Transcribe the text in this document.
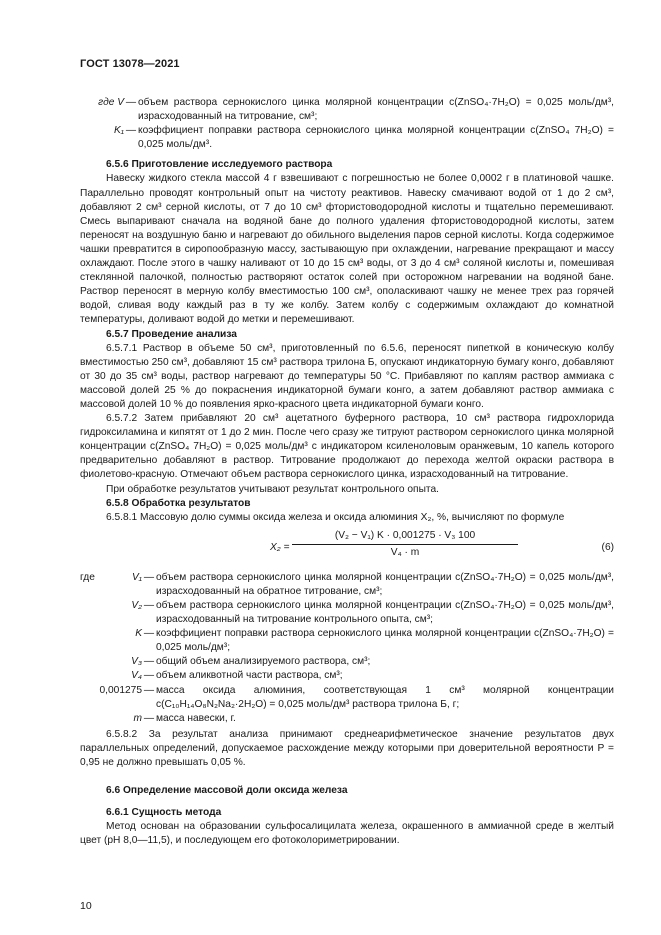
ГОСТ 13078—2021
где V — объем раствора сернокислого цинка молярной концентрации c(ZnSO₄·7H₂O) = 0,025 моль/дм³, израсходованный на титрование, см³;
K₁ — коэффициент поправки раствора сернокислого цинка молярной концентрации c(ZnSO₄ 7H₂O) = 0,025 моль/дм³.
6.5.6 Приготовление исследуемого раствора

Навеску жидкого стекла массой 4 г взвешивают с погрешностью не более 0,0002 г в платиновой чашке. Параллельно проводят контрольный опыт на чистоту реактивов. Навеску смачивают водой от 1 до 2 см³, добавляют 2 см³ серной кислоты, от 7 до 10 см³ фтористоводородной кислоты и тщательно перемешивают. Смесь выпаривают сначала на водяной бане до полного удаления фтористоводородной кислоты, затем переносят на воздушную баню и нагревают до обильного выделения паров серной кислоты. Когда содержимое чашки превратится в сиропообразную массу, застывающую при охлаждении, нагревание прекращают и массу охлаждают. После этого в чашку наливают от 10 до 15 см³ воды, от 3 до 4 см³ соляной кислоты и, помешивая стеклянной палочкой, полностью растворяют остаток солей при осторожном нагревании на водяной бане. Раствор переносят в мерную колбу вместимостью 100 см³, ополаскивают чашку не менее трех раз горячей водой, сливая воду каждый раз в ту же колбу. Затем колбу с содержимым охлаждают до комнатной температуры, доливают водой до метки и перемешивают.

6.5.7 Проведение анализа

6.5.7.1 Раствор в объеме 50 см³, приготовленный по 6.5.6, переносят пипеткой в коническую колбу вместимостью 250 см³, добавляют 15 см³ раствора трилона Б, опускают индикаторную бумагу конго, добавляют от 30 до 35 см³ воды, раствор нагревают до температуры 50 °С. Прибавляют по каплям раствор аммиака с массовой долей 25 % до покраснения индикаторной бумаги конго, а затем добавляют раствор аммиака с массовой долей 10 % до появления ярко-красного цвета индикаторной бумаги конго.

6.5.7.2 Затем прибавляют 20 см³ ацетатного буферного раствора, 10 см³ раствора гидрохлорида гидроксиламина и кипятят от 1 до 2 мин. После чего сразу же титруют раствором сернокислого цинка молярной концентрации c(ZnSO₄ 7H₂O) = 0,025 моль/дм³ с индикатором ксиленоловым оранжевым, 10 капель которого предварительно добавляют в раствор. Титрование продолжают до перехода желтой окраски раствора в фиолетово-красную. Отмечают объем раствора сернокислого цинка, израсходованный на титрование.

При обработке результатов учитывают результат контрольного опыта.

6.5.8 Обработка результатов

6.5.8.1 Массовую долю суммы оксида железа и оксида алюминия X₂, %, вычисляют по формуле

$X_2 = \frac{\text{(V₂ − V₁) K · 0,001275 · V₃ 100}}{\text{V₄ · m}}$	(6)
где	V₁ — объем раствора сернокислого цинка молярной концентрации c(ZnSO₄·7H₂O) = 0,025 моль/дм³, израсходованный на обратное титрование, см³;
V₂ — объем раствора сернокислого цинка молярной концентрации c(ZnSO₄·7H₂O) = 0,025 моль/дм³, израсходованный на титрование контрольного опыта, см³;
K — коэффициент поправки раствора сернокислого цинка молярной концентрации c(ZnSO₄·7H₂O) = 0,025 моль/дм³;
V₃ — общий объем анализируемого раствора, см³;
V₄ — объем аликвотной части раствора, см³;
0,001275 — масса оксида алюминия, соответствующая 1 см³ молярной концентрации c(C₁₀H₁₄O₈N₂Na₂·2H₂O) = 0,025 моль/дм³ раствора трилона Б, г;
m — масса навески, г.

6.5.8.2 За результат анализа принимают среднеарифметическое значение результатов двух параллельных определений, допускаемое расхождение между которыми при доверительной вероятности P = 0,95 не должно превышать 0,05 %.

6.6 Определение массовой доли оксида железа
6.6.1 Сущность метода

Метод основан на образовании сульфосалицилата железа, окрашенного в аммиачной среде в желтый цвет (pH 8,0—11,5), и последующем его фотоколориметрировании.

10
